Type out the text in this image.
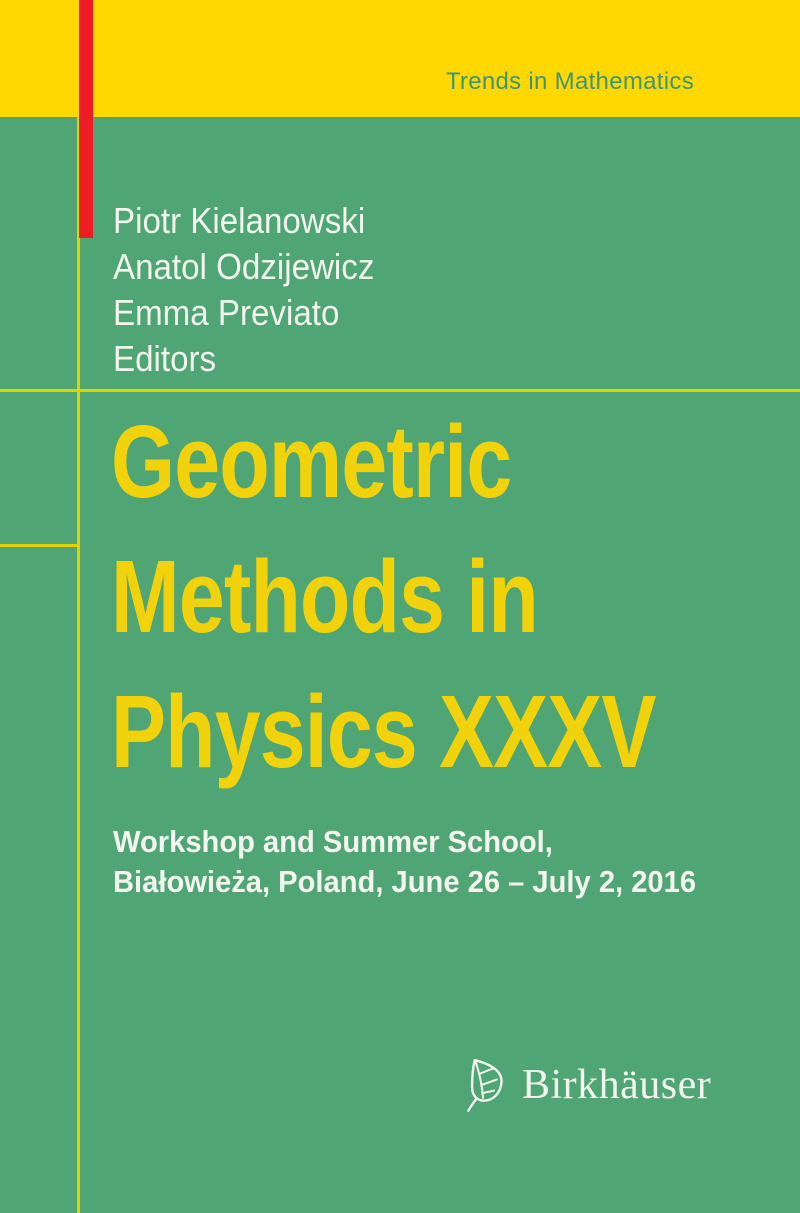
Trends in Mathematics
Piotr Kielanowski
Anatol Odzijewicz
Emma Previato
Editors
Geometric
Methods in
Physics XXXV
Workshop and Summer School,
Białowieża, Poland, June 26 – July 2, 2016
Birkhäuser
